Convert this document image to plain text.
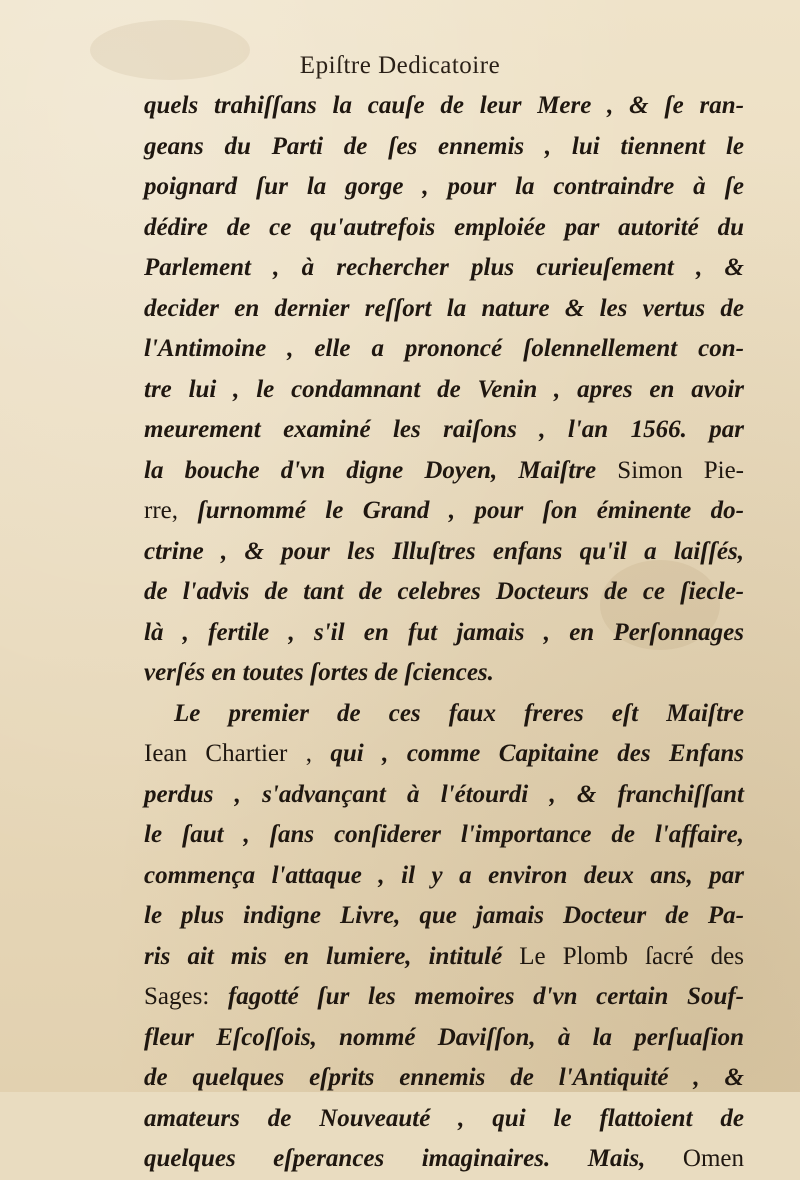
Epiſtre Dedicatoire
quels trahiſſans la cauſe de leur Mere , & ſe ran-
geans du Parti de ſes ennemis , lui tiennent le
poignard ſur la gorge , pour la contraindre à ſe
dédire de ce qu'autrefois emploiée par autorité du
Parlement , à rechercher plus curieuſement , &
decider en dernier reſſort la nature & les vertus de
l'Antimoine , elle a prononcé ſolennellement con-
tre lui , le condamnant de Venin , apres en avoir
meurement examiné les raiſons , l'an 1566. par
la bouche d'vn digne Doyen, Maiſtre Simon Pie-
rre, ſurnommé le Grand , pour ſon éminente do-
ctrine , & pour les Illuſtres enfans qu'il a laiſſés,
de l'advis de tant de celebres Docteurs de ce ſiecle-
là , fertile , s'il en fut jamais , en Perſonnages
verſés en toutes ſortes de ſciences.
Le premier de ces faux freres eſt Maiſtre
Iean Chartier , qui , comme Capitaine des Enfans
perdus , s'advançant à l'étourdi , & franchiſſant
le ſaut , ſans conſiderer l'importance de l'affaire,
commença l'attaque , il y a environ deux ans, par
le plus indigne Livre, que jamais Docteur de Pa-
ris ait mis en lumiere, intitulé Le Plomb ſacré des
Sages: fagotté ſur les memoires d'vn certain Souf-
fleur Eſcoſſois, nommé Daviſſon, à la perſuaſion
de quelques eſprits ennemis de l'Antiquité , &
amateurs de Nouveauté , qui le flattoient de
quelques eſperances imaginaires. Mais, Omen
